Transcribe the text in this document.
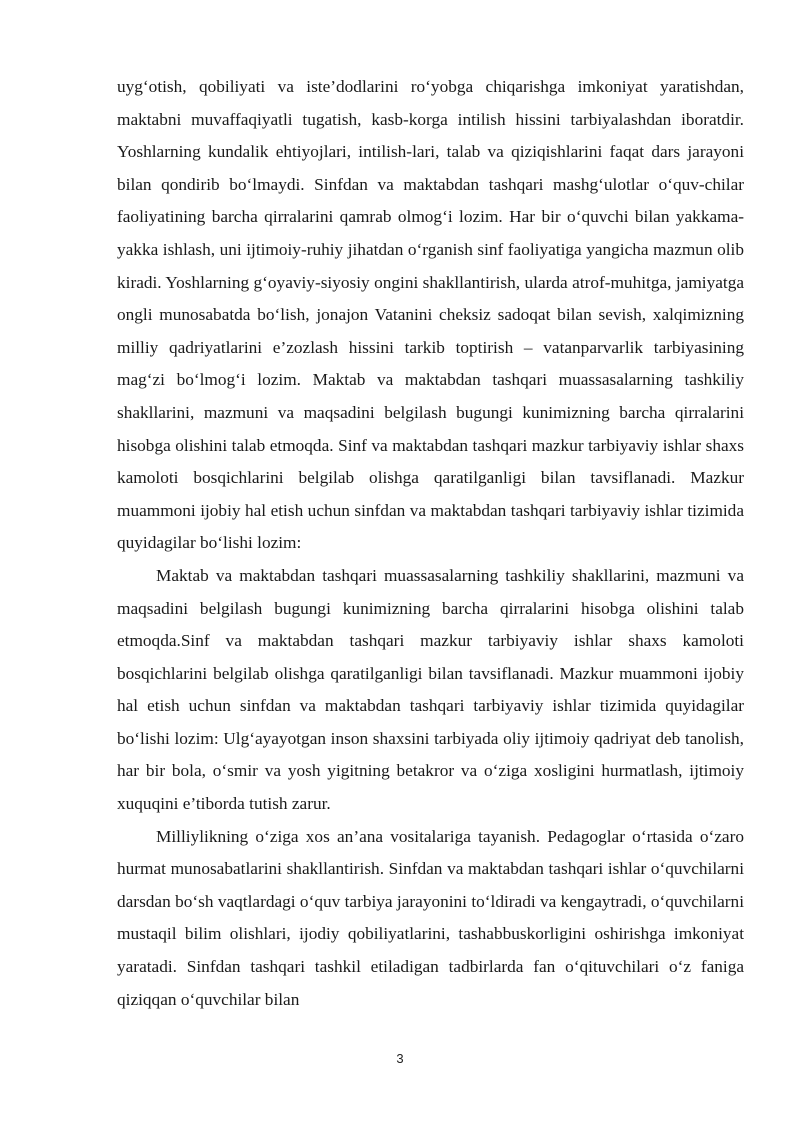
uyg‘otish, qobiliyati va iste’dodlarini ro‘yobga chiqarishga imkoniyat yaratishdan, maktabni muvaffaqiyatli tugatish, kasb-korga intilish hissini tarbiyalashdan iboratdir. Yoshlarning kundalik ehtiyojlari, intilish-lari, talab va qiziqishlarini faqat dars jarayoni bilan qondirib bo‘lmaydi. Sinfdan va maktabdan tashqari mashg‘ulotlar o‘quv-chilar faoliyatining barcha qirralarini qamrab olmog‘i lozim. Har bir o‘quvchi bilan yakkama-yakka ishlash, uni ijtimoiy-ruhiy jihatdan o‘rganish sinf faoliyatiga yangicha mazmun olib kiradi. Yoshlarning g‘oyaviy-siyosiy ongini shakllantirish, ularda atrof-muhitga, jamiyatga ongli munosabatda bo‘lish, jonajon Vatanini cheksiz sadoqat bilan sevish, xalqimizning milliy qadriyatlarini e’zozlash hissini tarkib toptirish – vatanparvarlik tarbiyasining mag‘zi bo‘lmog‘i lozim. Maktab va maktabdan tashqari muassasalarning tashkiliy shakllarini, mazmuni va maqsadini belgilash bugungi kunimizning barcha qirralarini hisobga olishini talab etmoqda. Sinf va maktabdan tashqari mazkur tarbiyaviy ishlar shaxs kamoloti bosqichlarini belgilab olishga qaratilganligi bilan tavsiflanadi. Mazkur muammoni ijobiy hal etish uchun sinfdan va maktabdan tashqari tarbiyaviy ishlar tizimida quyidagilar bo‘lishi lozim:

Maktab va maktabdan tashqari muassasalarning tashkiliy shakllarini, mazmuni va maqsadini belgilash bugungi kunimizning barcha qirralarini hisobga olishini talab etmoqda.Sinf va maktabdan tashqari mazkur tarbiyaviy ishlar shaxs kamoloti bosqichlarini belgilab olishga qaratilganligi bilan tavsiflanadi. Mazkur muammoni ijobiy hal etish uchun sinfdan va maktabdan tashqari tarbiyaviy ishlar tizimida quyidagilar bo‘lishi lozim: Ulg‘ayayotgan inson shaxsini tarbiyada oliy ijtimoiy qadriyat deb tanolish, har bir bola, o‘smir va yosh yigitning betakror va o‘ziga xosligini hurmatlash, ijtimoiy xuquqini e’tiborda tutish zarur.

Milliylikning o‘ziga xos an’ana vositalariga tayanish. Pedagoglar o‘rtasida o‘zaro hurmat munosabatlarini shakllantirish. Sinfdan va maktabdan tashqari ishlar o‘quvchilarni darsdan bo‘sh vaqtlardagi o‘quv tarbiya jarayonini to‘ldiradi va kengaytradi, o‘quvchilarni mustaqil bilim olishlari, ijodiy qobiliyatlarini, tashabbuskorligini oshirishga imkoniyat yaratadi. Sinfdan tashqari tashkil etiladigan tadbirlarda fan o‘qituvchilari o‘z faniga qiziqqan o‘quvchilar bilan

3
